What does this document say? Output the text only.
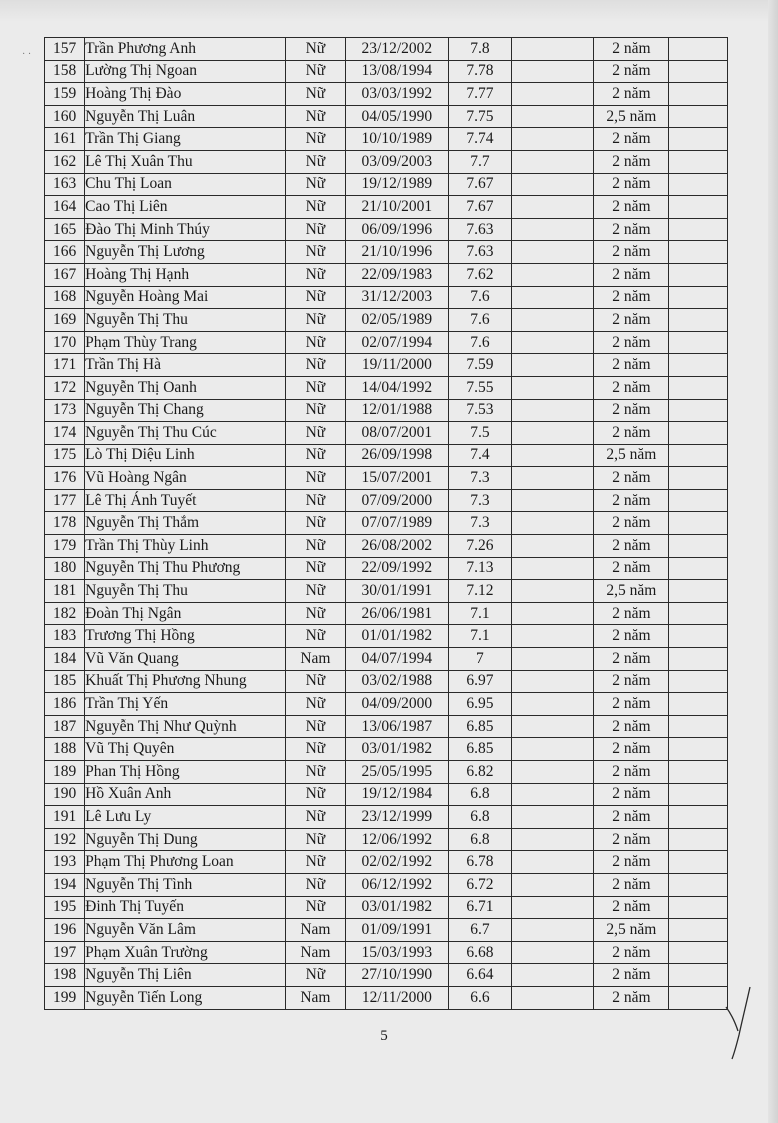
· · 157	Trần Phương Anh	Nữ	23/12/2002	7.8		2 năm	
158	Lường Thị Ngoan	Nữ	13/08/1994	7.78		2 năm	
159	Hoàng Thị Đào	Nữ	03/03/1992	7.77		2 năm	
160	Nguyễn Thị Luân	Nữ	04/05/1990	7.75		2,5 năm	
161	Trần Thị Giang	Nữ	10/10/1989	7.74		2 năm	
162	Lê Thị Xuân Thu	Nữ	03/09/2003	7.7		2 năm	
163	Chu Thị Loan	Nữ	19/12/1989	7.67		2 năm	
164	Cao Thị Liên	Nữ	21/10/2001	7.67		2 năm	
165	Đào Thị Minh Thúy	Nữ	06/09/1996	7.63		2 năm	
166	Nguyễn Thị Lương	Nữ	21/10/1996	7.63		2 năm	
167	Hoàng Thị Hạnh	Nữ	22/09/1983	7.62		2 năm	
168	Nguyễn Hoàng Mai	Nữ	31/12/2003	7.6		2 năm	
169	Nguyễn Thị Thu	Nữ	02/05/1989	7.6		2 năm	
170	Phạm Thùy Trang	Nữ	02/07/1994	7.6		2 năm	
171	Trần Thị Hà	Nữ	19/11/2000	7.59		2 năm	
172	Nguyễn Thị Oanh	Nữ	14/04/1992	7.55		2 năm	
173	Nguyễn Thị Chang	Nữ	12/01/1988	7.53		2 năm	
174	Nguyễn Thị Thu Cúc	Nữ	08/07/2001	7.5		2 năm	
175	Lò Thị Diệu Linh	Nữ	26/09/1998	7.4		2,5 năm	
176	Vũ Hoàng Ngân	Nữ	15/07/2001	7.3		2 năm	
177	Lê Thị Ánh Tuyết	Nữ	07/09/2000	7.3		2 năm	
178	Nguyễn Thị Thắm	Nữ	07/07/1989	7.3		2 năm	
179	Trần Thị Thùy Linh	Nữ	26/08/2002	7.26		2 năm	
180	Nguyễn Thị Thu Phương	Nữ	22/09/1992	7.13		2 năm	
181	Nguyễn Thị Thu	Nữ	30/01/1991	7.12		2,5 năm	
182	Đoàn Thị Ngân	Nữ	26/06/1981	7.1		2 năm	
183	Trương Thị Hồng	Nữ	01/01/1982	7.1		2 năm	
184	Vũ Văn Quang	Nam	04/07/1994	7		2 năm	
185	Khuất Thị Phương Nhung	Nữ	03/02/1988	6.97		2 năm	
186	Trần Thị Yến	Nữ	04/09/2000	6.95		2 năm	
187	Nguyễn Thị Như Quỳnh	Nữ	13/06/1987	6.85		2 năm	
188	Vũ Thị Quyên	Nữ	03/01/1982	6.85		2 năm	
189	Phan Thị Hồng	Nữ	25/05/1995	6.82		2 năm	
190	Hồ Xuân Anh	Nữ	19/12/1984	6.8		2 năm	
191	Lê Lưu Ly	Nữ	23/12/1999	6.8		2 năm	
192	Nguyễn Thị Dung	Nữ	12/06/1992	6.8		2 năm	
193	Phạm Thị Phương Loan	Nữ	02/02/1992	6.78		2 năm	
194	Nguyễn Thị Tình	Nữ	06/12/1992	6.72		2 năm	
195	Đinh Thị Tuyến	Nữ	03/01/1982	6.71		2 năm	
196	Nguyễn Văn Lâm	Nam	01/09/1991	6.7		2,5 năm	
197	Phạm Xuân Trường	Nam	15/03/1993	6.68		2 năm	
198	Nguyễn Thị Liên	Nữ	27/10/1990	6.64		2 năm	
199	Nguyễn Tiến Long	Nam	12/11/2000	6.6		2 năm	
5
